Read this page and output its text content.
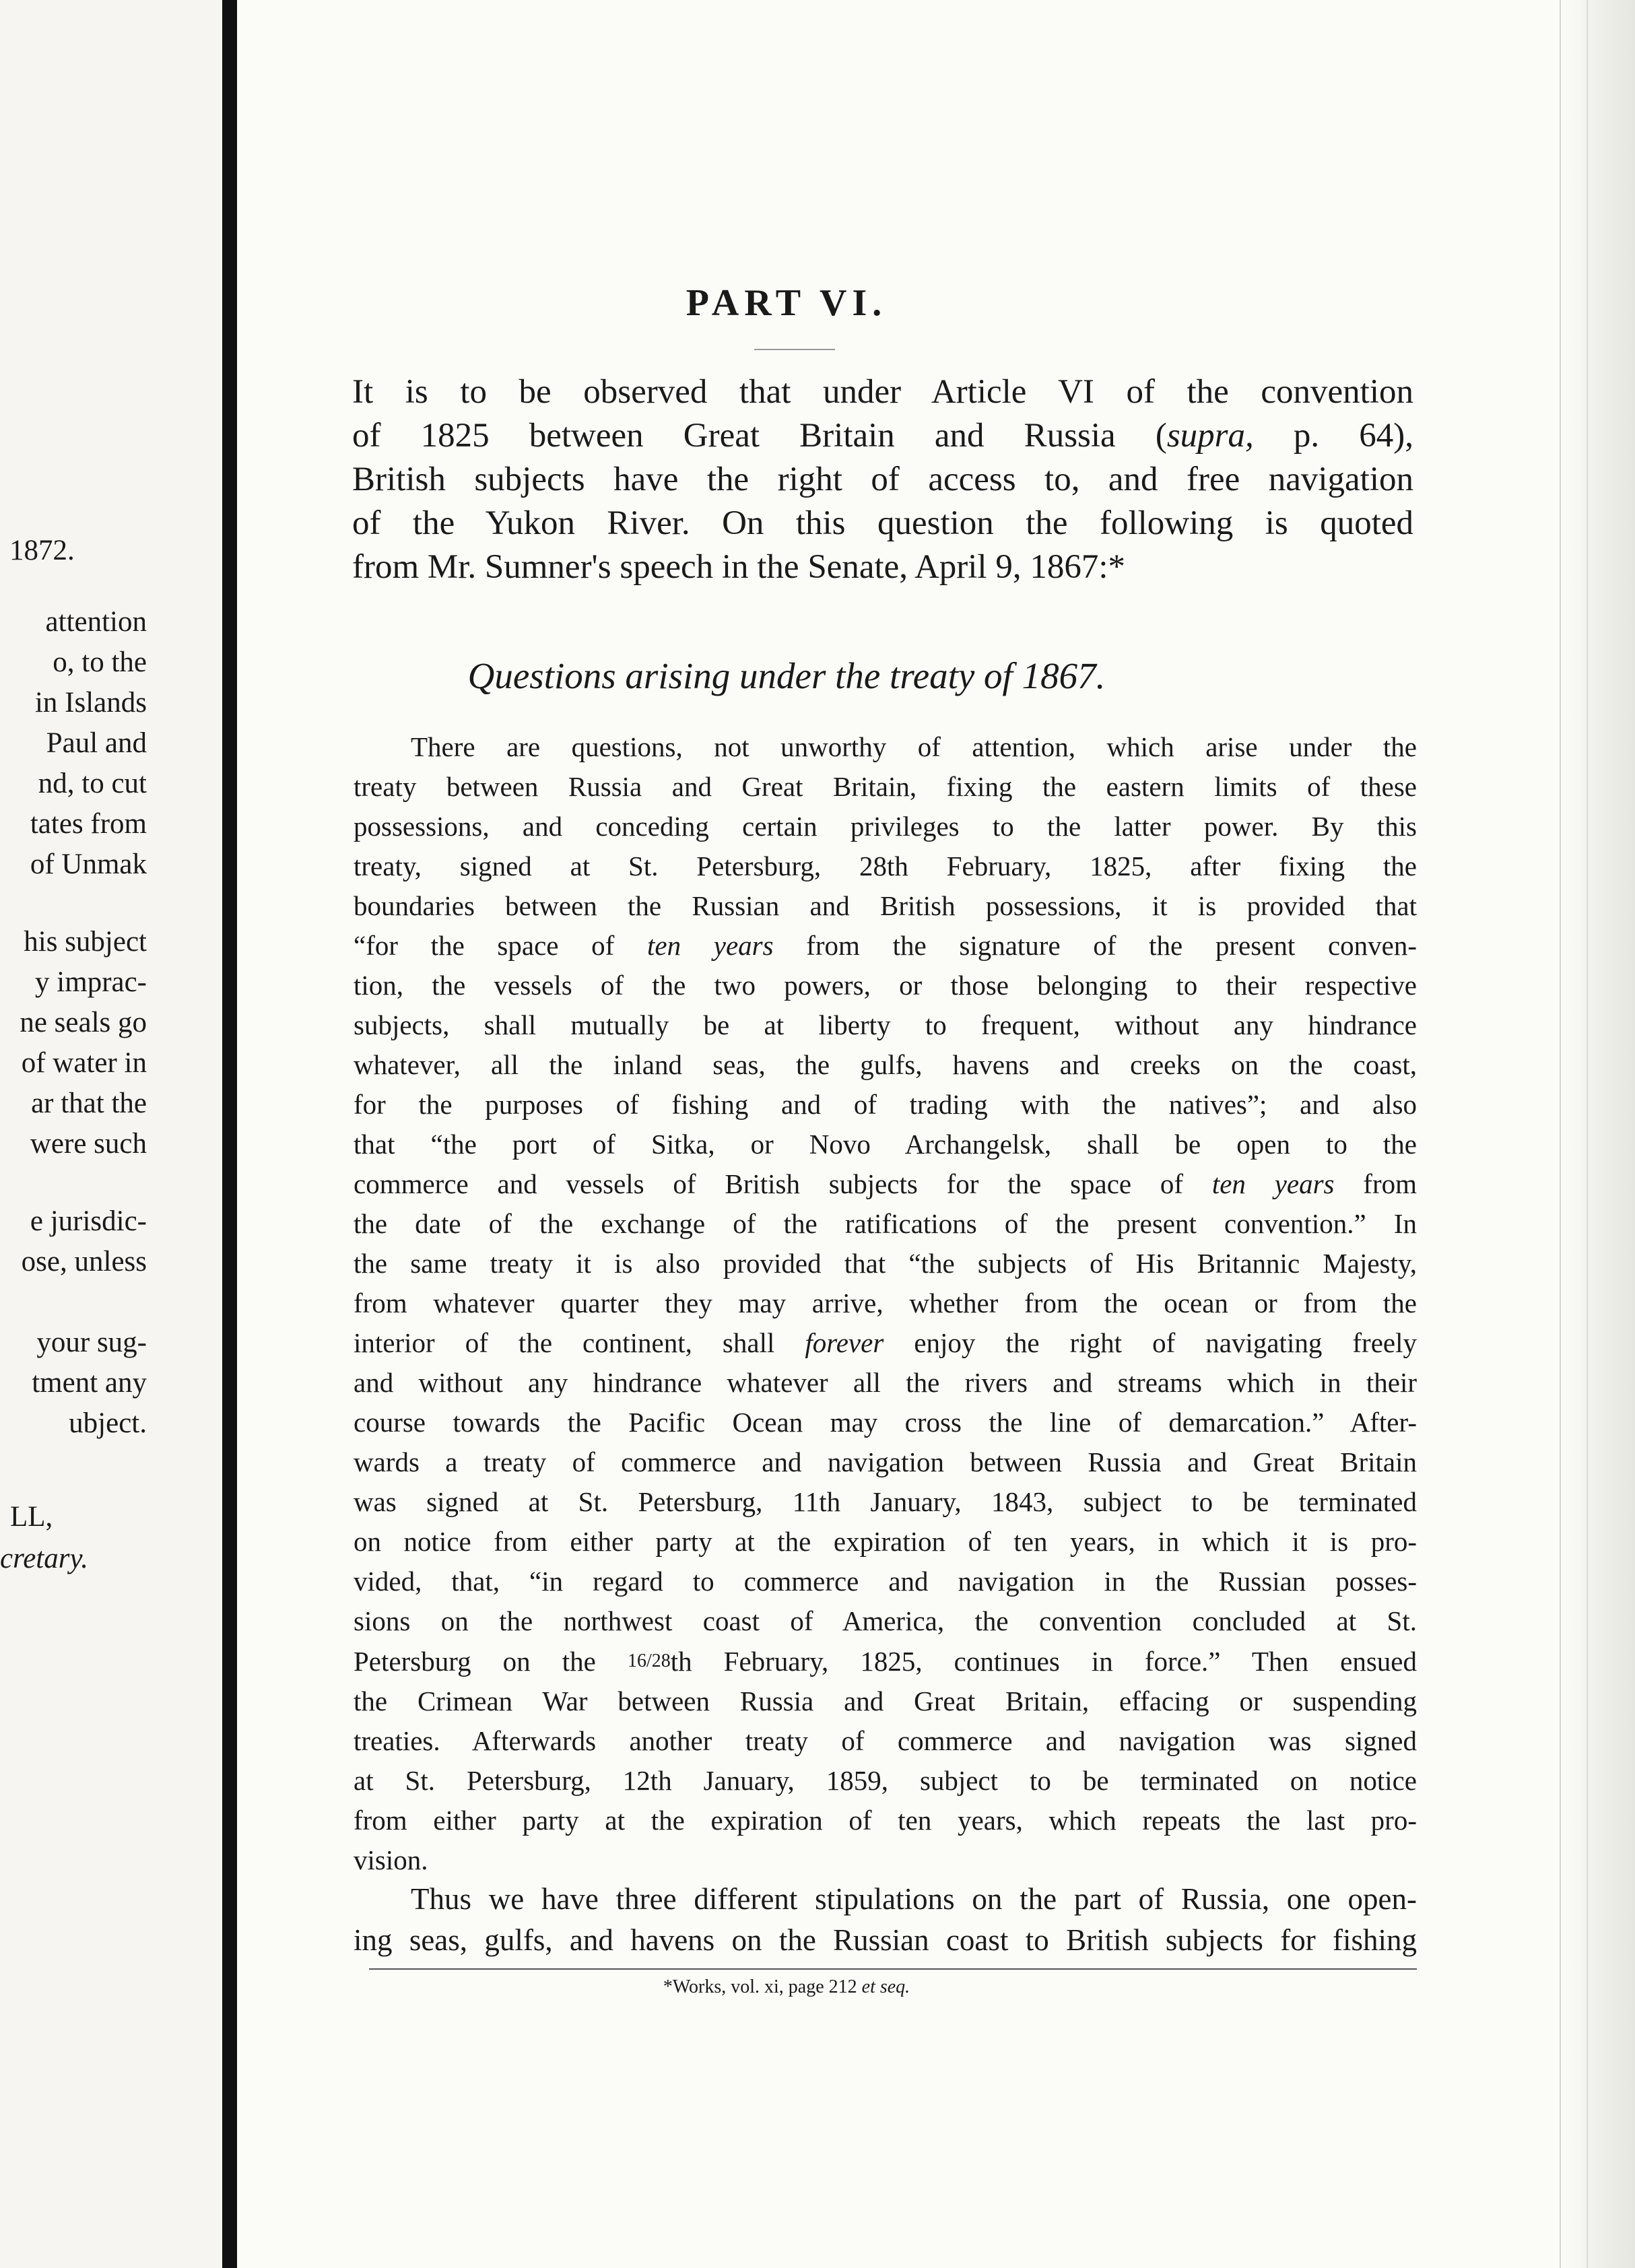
1872.
attention
o, to the
in Islands
Paul and
nd, to cut
tates from
of Unmak
his subject
y imprac-
ne seals go
of water in
ar that the
were such
e jurisdic-
ose, unless
your sug-
tment any
ubject.
LL,
cretary.
PART VI.
It is to be observed that under Article VI of the convention
of 1825 between Great Britain and Russia (supra, p. 64),
British subjects have the right of access to, and free navigation
of the Yukon River. On this question the following is quoted
from Mr. Sumner's speech in the Senate, April 9, 1867:*
Questions arising under the treaty of 1867.
There are questions, not unworthy of attention, which arise under the
treaty between Russia and Great Britain, fixing the eastern limits of these
possessions, and conceding certain privileges to the latter power. By this
treaty, signed at St. Petersburg, 28th February, 1825, after fixing the
boundaries between the Russian and British possessions, it is provided that
“for the space of ten years from the signature of the present conven-
tion, the vessels of the two powers, or those belonging to their respective
subjects, shall mutually be at liberty to frequent, without any hindrance
whatever, all the inland seas, the gulfs, havens and creeks on the coast,
for the purposes of fishing and of trading with the natives”; and also
that “the port of Sitka, or Novo Archangelsk, shall be open to the
commerce and vessels of British subjects for the space of ten years from
the date of the exchange of the ratifications of the present convention.” In
the same treaty it is also provided that “the subjects of His Britannic Majesty,
from whatever quarter they may arrive, whether from the ocean or from the
interior of the continent, shall forever enjoy the right of navigating freely
and without any hindrance whatever all the rivers and streams which in their
course towards the Pacific Ocean may cross the line of demarcation.” After-
wards a treaty of commerce and navigation between Russia and Great Britain
was signed at St. Petersburg, 11th January, 1843, subject to be terminated
on notice from either party at the expiration of ten years, in which it is pro-
vided, that, “in regard to commerce and navigation in the Russian posses-
sions on the northwest coast of America, the convention concluded at St.
Petersburg on the 16/28th February, 1825, continues in force.” Then ensued
the Crimean War between Russia and Great Britain, effacing or suspending
treaties. Afterwards another treaty of commerce and navigation was signed
at St. Petersburg, 12th January, 1859, subject to be terminated on notice
from either party at the expiration of ten years, which repeats the last pro-
vision.
Thus we have three different stipulations on the part of Russia, one open-
ing seas, gulfs, and havens on the Russian coast to British subjects for fishing
*Works, vol. xi, page 212 et seq.
